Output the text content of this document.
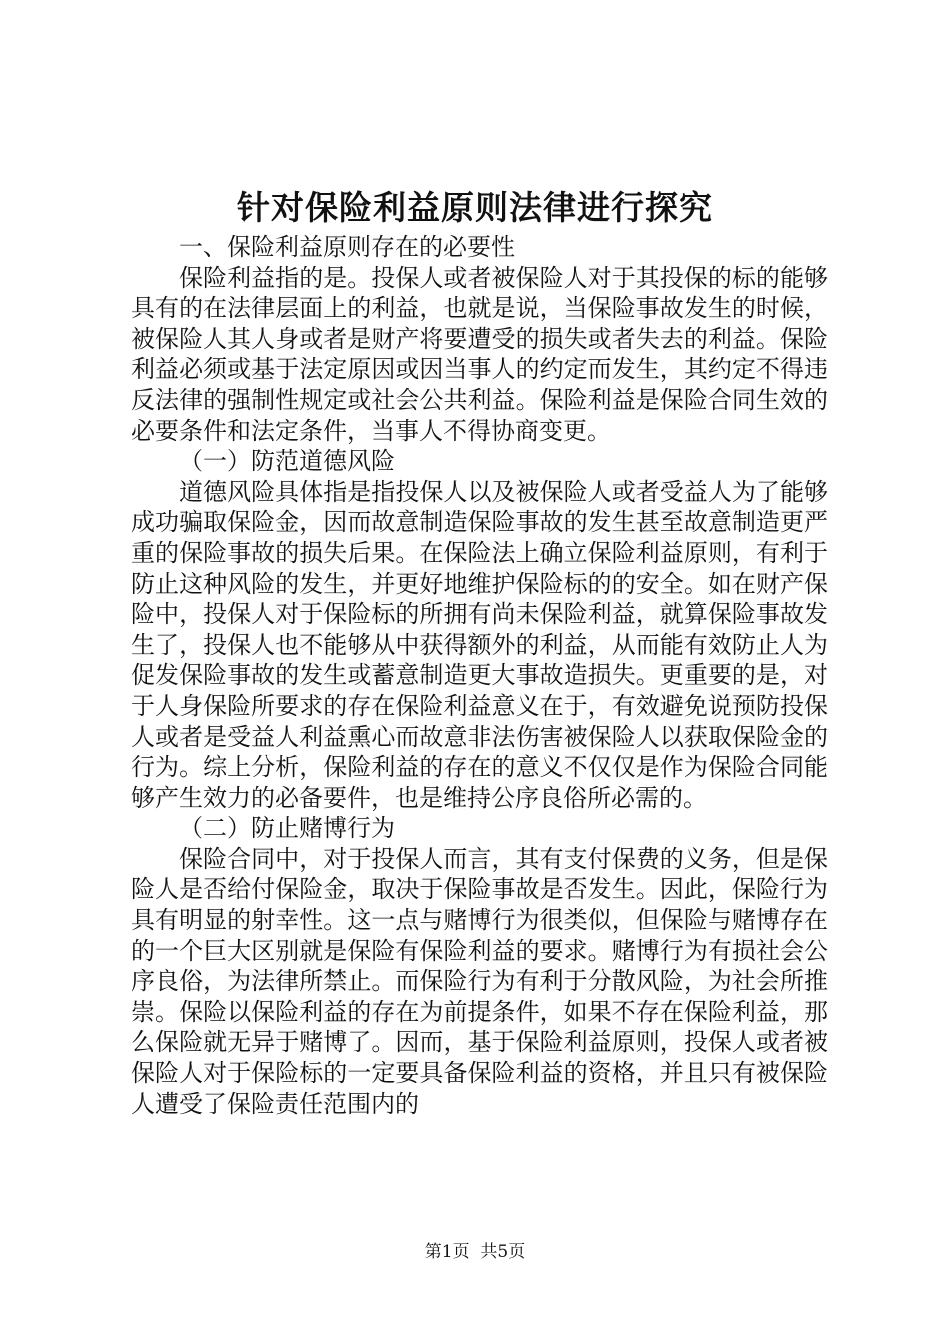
针对保险利益原则法律进行探究

一、保险利益原则存在的必要性

保险利益指的是。投保人或者被保险人对于其投保的标的能够具有的在法律层面上的利益，也就是说，当保险事故发生的时候，被保险人其人身或者是财产将要遭受的损失或者失去的利益。保险利益必须或基于法定原因或因当事人的约定而发生，其约定不得违反法律的强制性规定或社会公共利益。保险利益是保险合同生效的必要条件和法定条件，当事人不得协商变更。

（一）防范道德风险

道德风险具体指是指投保人以及被保险人或者受益人为了能够成功骗取保险金，因而故意制造保险事故的发生甚至故意制造更严重的保险事故的损失后果。在保险法上确立保险利益原则，有利于防止这种风险的发生，并更好地维护保险标的的安全。如在财产保险中，投保人对于保险标的所拥有尚未保险利益，就算保险事故发生了，投保人也不能够从中获得额外的利益，从而能有效防止人为促发保险事故的发生或蓄意制造更大事故造损失。更重要的是，对于人身保险所要求的存在保险利益意义在于，有效避免说预防投保人或者是受益人利益熏心而故意非法伤害被保险人以获取保险金的行为。综上分析，保险利益的存在的意义不仅仅是作为保险合同能够产生效力的必备要件，也是维持公序良俗所必需的。

（二）防止赌博行为

保险合同中，对于投保人而言，其有支付保费的义务，但是保险人是否给付保险金，取决于保险事故是否发生。因此，保险行为具有明显的射幸性。这一点与赌博行为很类似，但保险与赌博存在的一个巨大区别就是保险有保险利益的要求。赌博行为有损社会公序良俗，为法律所禁止。而保险行为有利于分散风险，为社会所推崇。保险以保险利益的存在为前提条件，如果不存在保险利益，那么保险就无异于赌博了。因而，基于保险利益原则，投保人或者被保险人对于保险标的一定要具备保险利益的资格，并且只有被保险人遭受了保险责任范围内的

第1页 共5页
